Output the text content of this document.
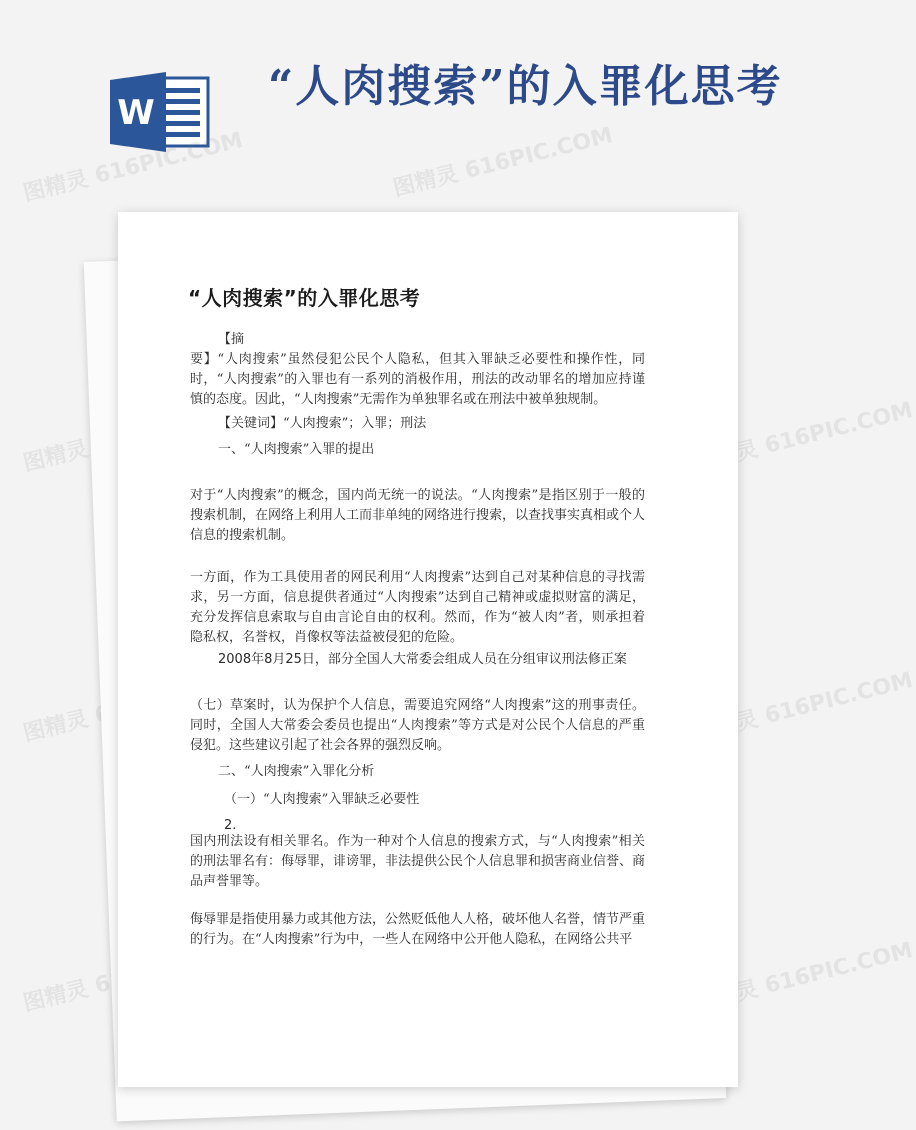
W
“人肉搜索”的入罪化思考
图精灵 616PIC.COM	图精灵 616PIC.COM
图精灵	图精灵 616PIC.COM
图精灵	图精灵 616PIC.COM
图精灵	图精灵 616PIC.COM
“人肉搜索”的入罪化思考

【摘

要】“人肉搜索”虽然侵犯公民个人隐私，但其入罪缺乏必要性和操作性，同时，“人肉搜索”的入罪也有一系列的消极作用，刑法的改动罪名的增加应持谨慎的态度。因此，“人肉搜索”无需作为单独罪名或在刑法中被单独规制。

【关键词】“人肉搜索”；入罪；刑法

一、“人肉搜索”入罪的提出

对于“人肉搜索”的概念，国内尚无统一的说法。“人肉搜索”是指区别于一般的搜索机制，在网络上利用人工而非单纯的网络进行搜索，以查找事实真相或个人信息的搜索机制。

一方面，作为工具使用者的网民利用“人肉搜索”达到自己对某种信息的寻找需求，另一方面，信息提供者通过“人肉搜索”达到自己精神或虚拟财富的满足，充分发挥信息索取与自由言论自由的权利。然而，作为“被人肉”者，则承担着隐私权，名誉权，肖像权等法益被侵犯的危险。

2008年8月25日，部分全国人大常委会组成人员在分组审议刑法修正案

（七）草案时，认为保护个人信息，需要追究网络“人肉搜索”这的刑事责任。同时，全国人大常委会委员也提出“人肉搜索”等方式是对公民个人信息的严重侵犯。这些建议引起了社会各界的强烈反响。

二、“人肉搜索”入罪化分析

（一）“人肉搜索”入罪缺乏必要性

2.

国内刑法设有相关罪名。作为一种对个人信息的搜索方式，与“人肉搜索”相关的刑法罪名有：侮辱罪，诽谤罪，非法提供公民个人信息罪和损害商业信誉、商品声誉罪等。

侮辱罪是指使用暴力或其他方法，公然贬低他人人格，破坏他人名誉，情节严重的行为。在“人肉搜索”行为中，一些人在网络中公开他人隐私，在网络公共平
